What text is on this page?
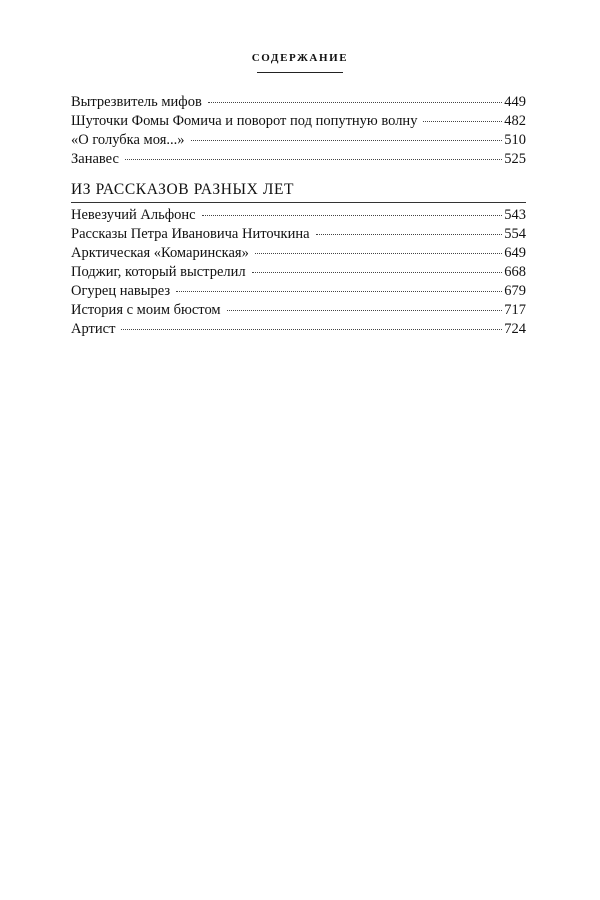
СОДЕРЖАНИЕ
Вытрезвитель мифов	449
Шуточки Фомы Фомича и поворот под попутную волну	482
«О голубка моя...»	510
Занавес	525
ИЗ РАССКАЗОВ РАЗНЫХ ЛЕТ
Невезучий Альфонс	543
Рассказы Петра Ивановича Ниточкина	554
Арктическая «Комаринская»	649
Поджиг, который выстрелил	668
Огурец навырез	679
История с моим бюстом	717
Артист	724
